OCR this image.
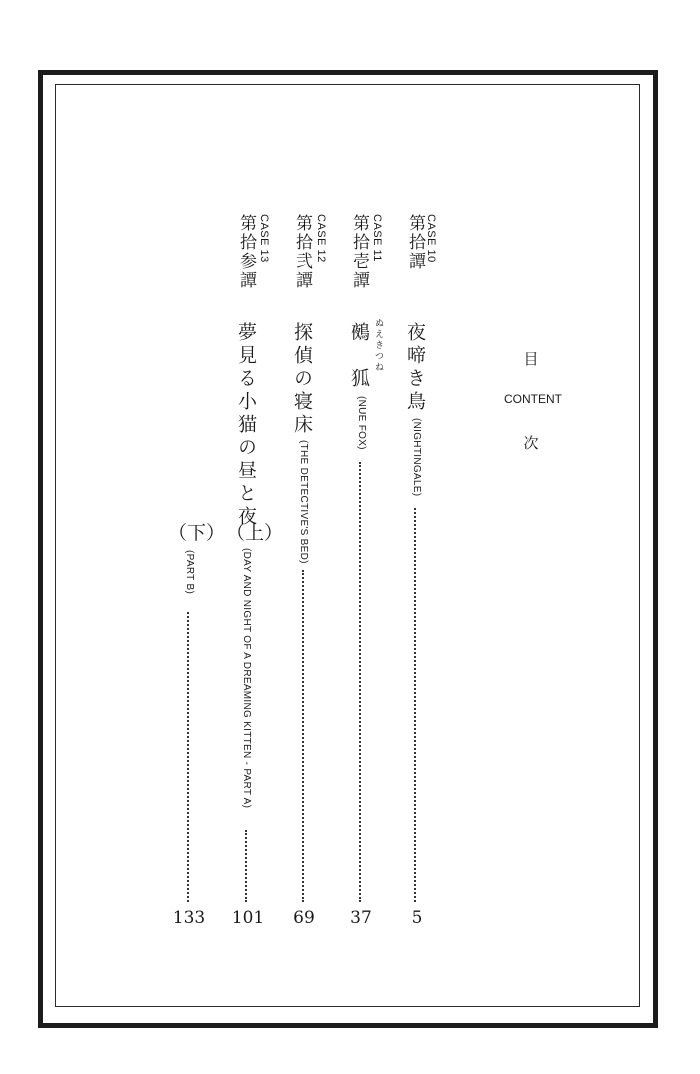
目
CONTENT
次
CASE 10
第拾譚
夜啼き鳥
(NIGHTINGALE)
5
CASE 11
第拾壱譚
ぬえきつね
鵺　狐
(NUE FOX)
37
CASE 12
第拾弐譚
探偵の寝床
(THE DETECTIVE'S BED)
69
CASE 13
第拾参譚
夢見る小猫の昼と夜
（上）
(DAY AND NIGHT OF A DREAMING KITTEN - PART A)
101
（下）
(PART B)
133
